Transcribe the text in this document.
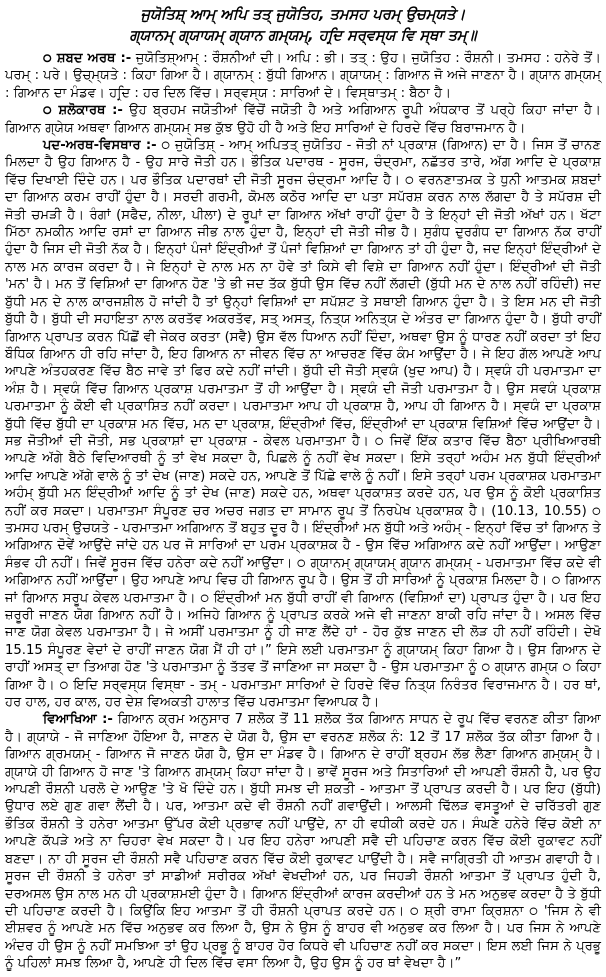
ਜੁਯੋਤਿਸ਼੍ ਆਮ੍ ਅਪਿ ਤਤ੍ ਜੁਯੋਤਿਹ, ਤਮਸਹ ਪਰਮ੍ ਉਚਮ੍ਯਤੇ।
ਗ੍ਯਾਨਮ੍ ਗ੍ਯਾਯਮ੍ ਗ੍ਯਾਨ ਗਮ੍ਯਮ੍, ਹਰ੍ਦਿ ਸਰ੍ਵਸ੍ਯ ਵਿ ਸ੍ਥਾ ਤਮ੍॥

੦ ਸ਼ਬਦ ਅਰਥ :- ਜੁਯੋਤਿਸ਼੍ਆਮ੍ : ਰੌਸ਼ਨੀਆਂ ਦੀ। ਅਪਿ : ਭੀ। ਤਤ੍ : ਉਹ। ਜੁਯੋਤਿਹ : ਰੌਸ਼ਨੀ। ਤਮਸਹ : ਹਨੇਰੇ ਤੋਂ। ਪਰਮ੍ : ਪਰੇ। ਉਚ੍ਮ੍ਯਤੇ : ਕਿਹਾ ਗਿਆ ਹੈ। ਗ੍ਯਾਨਮ੍ : ਬੁੱਧੀ ਗਿਆਨ। ਗ੍ਯਾਯਮ੍ : ਗਿਆਨ ਜੋ ਅਜੇ ਜਾਣਨਾ ਹੈ। ਗ੍ਯਾਨ ਗਮ੍ਯਮ੍ : ਗਿਆਨ ਦਾ ਮੰਡਵ। ਹਰ੍ਦਿ : ਹਰ ਦਿਲ ਵਿੱਚ। ਸਰ੍ਵਸ੍ਯ : ਸਾਰਿਆਂ ਦੇ। ਵਿਸ੍ਥਾਤਮ੍ : ਬੈਠਾ ਹੈ।

੦ ਸ਼ਲੋਕਾਰਥ :- ਉਹ ਬ੍ਰਹਮ ਜਯੋਤੀਆਂ ਵਿੱਚੋਂ ਜਯੋਤੀ ਹੈ ਅਤੇ ਅਗਿਆਨ ਰੂਪੀ ਅੰਧਕਾਰ ਤੋਂ ਪਰ੍ਹੇ ਕਿਹਾ ਜਾਂਦਾ ਹੈ। ਗਿਆਨ ਗ੍ਯੇਯ ਅਥਵਾ ਗਿਆਨ ਗਮ੍ਯਮ੍ ਸਭ ਕੁੱਝ ਉਹੋ ਹੀ ਹੈ ਅਤੇ ਇਹ ਸਾਰਿਆਂ ਦੇ ਹਿਰਦੇ ਵਿੱਚ ਬਿਰਾਜਮਾਨ ਹੈ।

ਪਦ-ਅਰਥ-ਵਿਸਥਾਰ :- ੦ ਜੁਯੋਤਿਸ਼੍ - ਆਮ੍ ਅਪਿਤਤ੍ ਜੁਯੋਤਿਹ - ਜੋਤੀ ਨਾਂ ਪ੍ਰਕਾਸ਼ (ਗਿਆਨ) ਦਾ ਹੈ। ਜਿਸ ਤੋਂ ਚਾਨਣ ਮਿਲਦਾ ਹੈ ਉਹ ਗਿਆਨ ਹੈ - ਉਹ ਸਾਰੇ ਜੋਤੀ ਹਨ। ਭੌਤਿਕ ਪਦਾਰਥ - ਸੂਰਜ, ਚੰਦ੍ਰਮਾ, ਨਛੱਤਰ ਤਾਰੇ, ਅੱਗ ਆਦਿ ਦੇ ਪ੍ਰਕਾਸ਼ ਵਿੱਚ ਦਿਖਾਈ ਦਿੰਦੇ ਹਨ। ਪਰ ਭੌਤਿਕ ਪਦਾਰਥਾਂ ਦੀ ਜੋਤੀ ਸੂਰਜ ਚੰਦ੍ਰਮਾ ਆਦਿ ਹੈ। ੦ ਵਰਨਣਾਤਮਕ ਤੇ ਧੁਨੀ ਆਤਮਕ ਸ਼ਬਦਾਂ ਦਾ ਗਿਆਨ ਕਰਮ ਰਾਹੀਂ ਹੁੰਦਾ ਹੈ। ਸਰਦੀ ਗਰਮੀ, ਕੋਮਲ ਕਠੋਰ ਆਦਿ ਦਾ ਪਤਾ ਸਪੱਰਸ਼ ਕਰਨ ਨਾਲ ਲੱਗਦਾ ਹੈ ਤੇ ਸਪੱਰਸ਼ ਦੀ ਜੋਤੀ ਚਮੜੀ ਹੈ। ਰੰਗਾਂ (ਸਫੈਦ, ਨੀਲਾ, ਪੀਲਾ) ਦੇ ਰੂਪਾਂ ਦਾ ਗਿਆਨ ਅੱਖਾਂ ਰਾਹੀਂ ਹੁੰਦਾ ਹੈ ਤੇ ਇਨ੍ਹਾਂ ਦੀ ਜੋਤੀ ਅੱਖਾਂ ਹਨ। ਖੱਟਾ ਮਿੱਠਾ ਨਮਕੀਨ ਆਦਿ ਰਸਾਂ ਦਾ ਗਿਆਨ ਜੀਭ ਨਾਲ ਹੁੰਦਾ ਹੈ, ਇਨ੍ਹਾਂ ਦੀ ਜੋਤੀ ਜੀਭ ਹੈ। ਸੁਗੰਧ ਦੁਰਗੰਧ ਦਾ ਗਿਆਨ ਨੱਕ ਰਾਹੀਂ ਹੁੰਦਾ ਹੈ ਜਿਸ ਦੀ ਜੋਤੀ ਨੱਕ ਹੈ। ਇਨ੍ਹਾਂ ਪੰਜਾਂ ਇੰਦ੍ਰੀਆਂ ਤੋਂ ਪੰਜਾਂ ਵਿਸ਼ਿਆਂ ਦਾ ਗਿਆਨ ਤਾਂ ਹੀ ਹੁੰਦਾ ਹੈ, ਜਦ ਇਨ੍ਹਾਂ ਇੰਦ੍ਰੀਆਂ ਦੇ ਨਾਲ ਮਨ ਕਾਰਜ ਕਰਦਾ ਹੈ। ਜੇ ਇਨ੍ਹਾਂ ਦੇ ਨਾਲ ਮਨ ਨਾ ਹੋਵੇ ਤਾਂ ਕਿਸੇ ਵੀ ਵਿਸ਼ੇ ਦਾ ਗਿਆਨ ਨਹੀਂ ਹੁੰਦਾ। ਇੰਦ੍ਰੀਆਂ ਦੀ ਜੋਤੀ 'ਮਨ' ਹੈ। ਮਨ ਤੋਂ ਵਿਸ਼ਿਆਂ ਦਾ ਗਿਆਨ ਹੋਣ 'ਤੇ ਭੀ ਜਦ ਤੱਕ ਬੁੱਧੀ ਉਸ ਵਿੱਚ ਨਹੀਂ ਲੱਗਦੀ (ਬੁੱਧੀ ਮਨ ਦੇ ਨਾਲ ਨਹੀਂ ਰਹਿੰਦੀ) ਜਦ ਬੁੱਧੀ ਮਨ ਦੇ ਨਾਲ ਕਾਰਜਸ਼ੀਲ ਹੋ ਜਾਂਦੀ ਹੈ ਤਾਂ ਉਨ੍ਹਾਂ ਵਿਸ਼ਿਆਂ ਦਾ ਸਪੱਸ਼ਟ ਤੇ ਸਥਾਈ ਗਿਆਨ ਹੁੰਦਾ ਹੈ। ਤੇ ਇਸ ਮਨ ਦੀ ਜੋਤੀ ਬੁੱਧੀ ਹੈ। ਬੁੱਧੀ ਦੀ ਸਹਾਇਤਾ ਨਾਲ ਕਰਤੱਵ ਅਕਰਤੱਵ, ਸਤ੍ ਅਸਤ੍, ਨਿਤ੍ਯ ਅਨਿਤ੍ਯ ਦੇ ਅੰਤਰ ਦਾ ਗਿਆਨ ਹੁੰਦਾ ਹੈ। ਬੁੱਧੀ ਰਾਹੀਂ ਗਿਆਨ ਪ੍ਰਾਪਤ ਕਰਨ ਪਿੱਛੋਂ ਵੀ ਜੇਕਰ ਕਰਤਾ (ਸਵੈ) ਉਸ ਵੱਲ ਧਿਆਨ ਨਹੀਂ ਦਿੰਦਾ, ਅਥਵਾ ਉਸ ਨੂੰ ਧਾਰਣ ਨਹੀਂ ਕਰਦਾ ਤਾਂ ਇਹ ਬੌਧਿਕ ਗਿਆਨ ਹੀ ਰਹਿ ਜਾਂਦਾ ਹੈ, ਇਹ ਗਿਆਨ ਨਾ ਜੀਵਨ ਵਿੱਚ ਨਾ ਆਚਰਣ ਵਿੱਚ ਕੰਮ ਆਉਂਦਾ ਹੈ। ਜੇ ਇਹ ਗੱਲ ਆਪਣੇ ਆਪ ਆਪਣੇ ਅੰਤਹਕਰਣ ਵਿੱਚ ਬੈਠ ਜਾਵੇ ਤਾਂ ਫਿਰ ਕਦੇ ਨਹੀਂ ਜਾਂਦੀ। ਬੁੱਧੀ ਦੀ ਜੋਤੀ ਸ੍ਵਯੰ (ਖੁਦ ਆਪ) ਹੈ। ਸ੍ਵਯੰ ਹੀ ਪਰਮਾਤਮਾ ਦਾ ਅੰਸ਼ ਹੈ। ਸ੍ਵਯੰ ਵਿੱਚ ਗਿਆਨ ਪ੍ਰਕਾਸ਼ ਪਰਮਾਤਮਾ ਤੋਂ ਹੀ ਆਉਂਦਾ ਹੈ। ਸ੍ਵਯੰ ਦੀ ਜੋਤੀ ਪਰਮਾਤਮਾ ਹੈ। ਉਸ ਸਵਯੰ ਪ੍ਰਕਾਸ਼ ਪਰਮਾਤਮਾ ਨੂੰ ਕੋਈ ਵੀ ਪ੍ਰਕਾਸ਼ਿਤ ਨਹੀਂ ਕਰਦਾ। ਪਰਮਾਤਮਾ ਆਪ ਹੀ ਪ੍ਰਕਾਸ਼ ਹੈ, ਆਪ ਹੀ ਗਿਆਨ ਹੈ। ਸ੍ਵਯੰ ਦਾ ਪ੍ਰਕਾਸ਼ ਬੁੱਧੀ ਵਿੱਚ ਬੁੱਧੀ ਦਾ ਪ੍ਰਕਾਸ਼ ਮਨ ਵਿੱਚ, ਮਨ ਦਾ ਪ੍ਰਕਾਸ਼, ਇੰਦ੍ਰੀਆਂ ਵਿੱਚ, ਇੰਦ੍ਰੀਆਂ ਦਾ ਪ੍ਰਕਾਸ਼ ਵਿਸ਼ਿਆਂ ਵਿੱਚ ਆਉਂਦਾ ਹੈ। ਸਭ ਜੋਤੀਆਂ ਦੀ ਜੋਤੀ, ਸਭ ਪ੍ਰਕਾਸ਼ਾਂ ਦਾ ਪ੍ਰਕਾਸ਼ - ਕੇਵਲ ਪਰਮਾਤਮਾ ਹੈ। ੦ ਜਿਵੇਂ ਇੱਕ ਕਤਾਰ ਵਿੱਚ ਬੈਠਾ ਪ੍ਰੀਖਿਆਰਥੀ ਆਪਣੇ ਅੱਗੇ ਬੈਠੇ ਵਿਦਿਆਰਥੀ ਨੂੰ ਤਾਂ ਵੇਖ ਸਕਦਾ ਹੈ, ਪਿਛਲੇ ਨੂੰ ਨਹੀਂ ਵੇਖ ਸਕਦਾ। ਇਸੇ ਤਰ੍ਹਾਂ ਅਹੰਮ ਮਨ ਬੁੱਧੀ ਇੰਦ੍ਰੀਆਂ ਆਦਿ ਆਪਣੇ ਅੱਗੇ ਵਾਲੇ ਨੂੰ ਤਾਂ ਦੇਖ (ਜਾਣ) ਸਕਦੇ ਹਨ, ਆਪਣੇ ਤੋਂ ਪਿੱਛੇ ਵਾਲੇ ਨੂੰ ਨਹੀਂ। ਇਸੇ ਤਰ੍ਹਾਂ ਪਰਮ ਪ੍ਰਕਾਸ਼ਕ ਪਰਮਾਤਮਾ ਅਹੰਮ੍ ਬੁੱਧੀ ਮਨ ਇੰਦ੍ਰੀਆਂ ਆਦਿ ਨੂੰ ਤਾਂ ਦੇਖ (ਜਾਣ) ਸਕਦੇ ਹਨ, ਅਥਵਾ ਪ੍ਰਕਾਸ਼ਤ ਕਰਦੇ ਹਨ, ਪਰ ਉਸ ਨੂੰ ਕੋਈ ਪ੍ਰਕਾਸ਼ਿਤ ਨਹੀਂ ਕਰ ਸਕਦਾ। ਪਰਮਾਤਮਾ ਸੰਪੂਰਣ ਚਰ ਅਚਰ ਜਗਤ ਦਾ ਸਾਮਾਨ ਰੂਪ ਤੋਂ ਨਿਰਪੇਖ ਪ੍ਰਕਾਸ਼ਕ ਹੈ। (10.13, 10.55) ੦ ਤਮਸਹ ਪਰਮ੍ ਉਚਯਤੇ - ਪਰਮਾਤਮਾ ਅਗਿਆਨ ਤੋਂ ਬਹੁਤ ਦੂਰ ਹੈ। ਇੰਦ੍ਰੀਆਂ ਮਨ ਬੁੱਧੀ ਅਤੇ ਅਹੰਮ੍ - ਇਨ੍ਹਾਂ ਵਿੱਚ ਤਾਂ ਗਿਆਨ ਤੇ ਅਗਿਆਨ ਦੋਵੇਂ ਆਉਂਦੇ ਜਾਂਦੇ ਹਨ ਪਰ ਜੋ ਸਾਰਿਆਂ ਦਾ ਪਰਮ ਪ੍ਰਕਾਸ਼ਕ ਹੈ - ਉਸ ਵਿੱਚ ਅਗਿਆਨ ਕਦੇ ਨਹੀਂ ਆਉਂਦਾ। ਆਉਣਾ ਸੰਭਵ ਹੀ ਨਹੀਂ। ਜਿਵੇਂ ਸੂਰਜ ਵਿੱਚ ਹਨੇਰਾ ਕਦੇ ਨਹੀਂ ਆਉਂਦਾ। ੦ ਗ੍ਯਾਨਮ੍ ਗ੍ਯਾਯਮ੍ ਗ੍ਯਾਨ ਗਮ੍ਯਮ੍ - ਪਰਮਾਤਮਾ ਵਿੱਚ ਕਦੇ ਵੀ ਅਗਿਆਨ ਨਹੀਂ ਆਉਂਦਾ। ਉਹ ਆਪਣੇ ਆਪ ਵਿਚ ਹੀ ਗਿਆਨ ਰੂਪ ਹੈ। ਉਸ ਤੋਂ ਹੀ ਸਾਰਿਆਂ ਨੂੰ ਪ੍ਰਕਾਸ਼ ਮਿਲਦਾ ਹੈ। ੦ ਗਿਆਨ ਜਾਂ ਗਿਆਨ ਸਰੂਪ ਕੇਵਲ ਪਰਮਾਤਮਾ ਹੈ। ੦ ਇੰਦ੍ਰੀਆਂ ਮਨ ਬੁੱਧੀ ਰਾਹੀਂ ਵੀ ਗਿਆਨ (ਵਿਸ਼ਿਆਂ ਦਾ) ਪ੍ਰਾਪਤ ਹੁੰਦਾ ਹੈ। ਪਰ ਇਹ ਜ਼ਰੂਰੀ ਜਾਣਨ ਯੋਗ ਗਿਆਨ ਨਹੀਂ ਹੈ। ਅਜਿਹੇ ਗਿਆਨ ਨੂੰ ਪ੍ਰਾਪਤ ਕਰਕੇ ਅਜੇ ਵੀ ਜਾਣਨਾ ਬਾਕੀ ਰਹਿ ਜਾਂਦਾ ਹੈ। ਅਸਲ ਵਿੱਚ ਜਾਣ ਯੋਗ ਕੇਵਲ ਪਰਮਾਤਮਾ ਹੈ। ਜੇ ਅਸੀਂ ਪਰਮਾਤਮਾ ਨੂੰ ਹੀ ਜਾਣ ਲੈਂਦੇ ਹਾਂ - ਹੋਰ ਕੁੱਝ ਜਾਣਨ ਦੀ ਲੋੜ ਹੀ ਨਹੀਂ ਰਹਿੰਦੀ। ਦੇਖੋ 15.15 ਸੰਪੂਰਣ ਵੇਦਾਂ ਦੇ ਰਾਹੀਂ ਜਾਣਨ ਯੋਗ ਮੈਂ ਹੀ ਹਾਂ।” ਇਸੇ ਲਈ ਪਰਮਾਤਮਾ ਨੂੰ ਗ੍ਯਾਯਮ੍ ਕਿਹਾ ਗਿਆ ਹੈ। ਉਸ ਗਿਆਨ ਦੇ ਰਾਹੀਂ ਅਸਤ੍ ਦਾ ਤਿਆਗ ਹੋਣ 'ਤੇ ਪਰਮਾਤਮਾ ਨੂੰ ਤੱਤਵ ਤੋਂ ਜਾਣਿਆ ਜਾ ਸਕਦਾ ਹੈ - ਉਸ ਪਰਮਾਤਮਾ ਨੂੰ ੦ ਗ੍ਯਾਨ ਗਮ੍ਯ ੦ ਕਿਹਾ ਗਿਆ ਹੈ। ੦ ਇਦਿ ਸਰ੍ਵਸ੍ਯ ਵਿਸ੍ਥਾ - ਤਮ੍ - ਪਰਮਾਤਮਾ ਸਾਰਿਆਂ ਦੇ ਹਿਰਦੇ ਵਿੱਚ ਨਿਤ੍ਯ ਨਿਰੰਤਰ ਵਿਰਾਜਮਾਨ ਹੈ। ਹਰ ਥਾਂ, ਹਰ ਹਾਲ, ਹਰ ਕਾਲ, ਹਰ ਦੇਸ਼ ਵਿਅਕਤੀ ਹਾਲਾਤ ਵਿੱਚ ਪਰਮਾਤਮਾ ਵਿਆਪਕ ਹੈ।

ਵਿਆਖਿਆ :- ਗਿਆਨ ਕ੍ਰਮ ਅਨੁਸਾਰ 7 ਸ਼ਲੋਕ ਤੋਂ 11 ਸ਼ਲੋਕ ਤੱਕ ਗਿਆਨ ਸਾਧਨ ਦੇ ਰੂਪ ਵਿੱਚ ਵਰਨਣ ਕੀਤਾ ਗਿਆ ਹੈ। ਗ੍ਯਾਯੇ - ਜੋ ਜਾਣਿਆ ਹੋਇਆ ਹੈ, ਜਾਣਨ ਦੇ ਯੋਗ ਹੈ, ਉਸ ਦਾ ਵਰਨਣ ਸ਼ਲੋਕ ਨੰ: 12 ਤੋਂ 17 ਸ਼ਲੋਕ ਤੱਕ ਕੀਤਾ ਗਿਆ ਹੈ। ਗਿਆਨ ਗ੍ਰਮਯਮ੍ - ਗਿਆਨ ਜੋ ਜਾਣਨ ਯੋਗ ਹੈ, ਉਸ ਦਾ ਮੰਡਵ ਹੈ। ਗਿਆਨ ਦੇ ਰਾਹੀਂ ਬ੍ਰਹਮ ਲੱਭ ਲੈਣਾ ਗਿਆਨ ਗਮ੍ਯਮ੍ ਹੈ। ਗ੍ਯਾਯੇ ਹੀ ਗਿਆਨ ਹੋ ਜਾਣ 'ਤੇ ਗਿਆਨ ਗਮ੍ਯਮ੍ ਕਿਹਾ ਜਾਂਦਾ ਹੈ। ਭਾਵੇਂ ਸੂਰਜ ਅਤੇ ਸਿਤਾਰਿਆਂ ਦੀ ਆਪਣੀ ਰੌਸ਼ਨੀ ਹੈ, ਪਰ ਉਹ ਆਪਣੀ ਰੌਸ਼ਨੀ ਪਰਲੋ ਦੇ ਆਉਣ 'ਤੇ ਖੋ ਦਿੰਦੇ ਹਨ। ਬੁੱਧੀ ਸਮਝ ਦੀ ਸ਼ਕਤੀ - ਆਤਮਾ ਤੋਂ ਪ੍ਰਾਪਤ ਕਰਦੀ ਹੈ। ਪਰ ਇਹ (ਬੁੱਧੀ) ਉਧਾਰ ਲਏ ਗੁਣ ਗਵਾ ਲੈਂਦੀ ਹੈ। ਪਰ, ਆਤਮਾ ਕਦੇ ਵੀ ਰੌਸ਼ਨੀ ਨਹੀਂ ਗਵਾਉਂਦੀ। ਆਲਸੀ ਢਿੱਲੜ ਵਸਤੂਆਂ ਦੇ ਚਰਿੱਤਰੀ ਗੁਣ ਭੌਤਿਕ ਰੌਸ਼ਨੀ ਤੇ ਹਨੇਰਾ ਆਤਮਾ ਉੱਪਰ ਕੋਈ ਪ੍ਰਭਾਵ ਨਹੀਂ ਪਾਉਂਦੇ, ਨਾ ਹੀ ਵਧੀਕੀ ਕਰਦੇ ਹਨ। ਸੰਘਣੇ ਹਨੇਰੇ ਵਿੱਚ ਕੋਈ ਨਾ ਆਪਣੇ ਕੱਪੜੇ ਅਤੇ ਨਾ ਚਿਹਰਾ ਵੇਖ ਸਕਦਾ ਹੈ। ਪਰ ਇਹ ਹਨੇਰਾ ਆਪਣੀ ਸਵੈ ਦੀ ਪਹਿਚਾਣ ਕਰਨ ਵਿੱਚ ਕੋਈ ਰੁਕਾਵਟ ਨਹੀਂ ਬਣਦਾ। ਨਾ ਹੀ ਸੂਰਜ ਦੀ ਰੌਸ਼ਨੀ ਸਵੈ ਪਹਿਚਾਣ ਕਰਨ ਵਿੱਚ ਕੋਈ ਰੁਕਾਵਟ ਪਾਉਂਦੀ ਹੈ। ਸਵੈ ਜਾਗ੍ਰਿਤੀ ਹੀ ਆਤਮ ਗਵਾਹੀ ਹੈ। ਸੂਰਜ ਦੀ ਰੌਸ਼ਨੀ ਤੇ ਹਨੇਰਾ ਤਾਂ ਸਾਡੀਆਂ ਸਰੀਰਕ ਅੱਖਾਂ ਵੇਖਦੀਆਂ ਹਨ, ਪਰ ਜਿਹੜੀ ਰੌਸ਼ਨੀ ਆਤਮਾ ਤੋਂ ਪ੍ਰਾਪਤ ਹੁੰਦੀ ਹੈ, ਦਰਅਸਲ ਉਸ ਨਾਲ ਮਨ ਹੀ ਪ੍ਰਕਾਸ਼ਮਈ ਹੁੰਦਾ ਹੈ। ਗਿਆਨ ਇੰਦ੍ਰੀਆਂ ਕਾਰਜ ਕਰਦੀਆਂ ਹਨ ਤੇ ਮਨ ਅਨੁਭਵ ਕਰਦਾ ਹੈ ਤੇ ਬੁੱਧੀ ਦੀ ਪਹਿਚਾਣ ਕਰਦੀ ਹੈ। ਕਿਉਂਕਿ ਇਹ ਆਤਮਾ ਤੋਂ ਹੀ ਰੌਸ਼ਨੀ ਪ੍ਰਾਪਤ ਕਰਦੇ ਹਨ। ੦ ਸ਼੍ਰੀ ਰਾਮਾ ਕ੍ਰਿਸ਼ਨਾ ੦ 'ਜਿਸ ਨੇ ਵੀ ਈਸ਼ਵਰ ਨੂੰ ਆਪਣੇ ਮਨ ਵਿੱਚ ਅਨੁਭਵ ਕਰ ਲਿਆ ਹੈ, ਉਸ ਨੇ ਉਸ ਨੂੰ ਬਾਹਰ ਵੀ ਅਨੁਭਵ ਕਰ ਲਿਆ ਹੈ। ਪਰ ਜਿਸ ਨੇ ਆਪਣੇ ਅੰਦਰ ਹੀ ਉਸ ਨੂੰ ਨਹੀਂ ਸਮਝਿਆ ਤਾਂ ਉਹ ਪ੍ਰਭੂ ਨੂੰ ਬਾਹਰ ਹੋਰ ਕਿਧਰੇ ਵੀ ਪਹਿਚਾਣ ਨਹੀਂ ਕਰ ਸਕਦਾ। ਇਸ ਲਈ ਜਿਸ ਨੇ ਪ੍ਰਭੂ ਨੂੰ ਪਹਿਲਾਂ ਸਮਝ ਲਿਆ ਹੈ, ਆਪਣੇ ਹੀ ਦਿਲ ਵਿੱਚ ਵਸਾ ਲਿਆ ਹੈ, ਉਹ ਉਸ ਨੂੰ ਹਰ ਥਾਂ ਵੇਖਦਾ ਹੈ।”
